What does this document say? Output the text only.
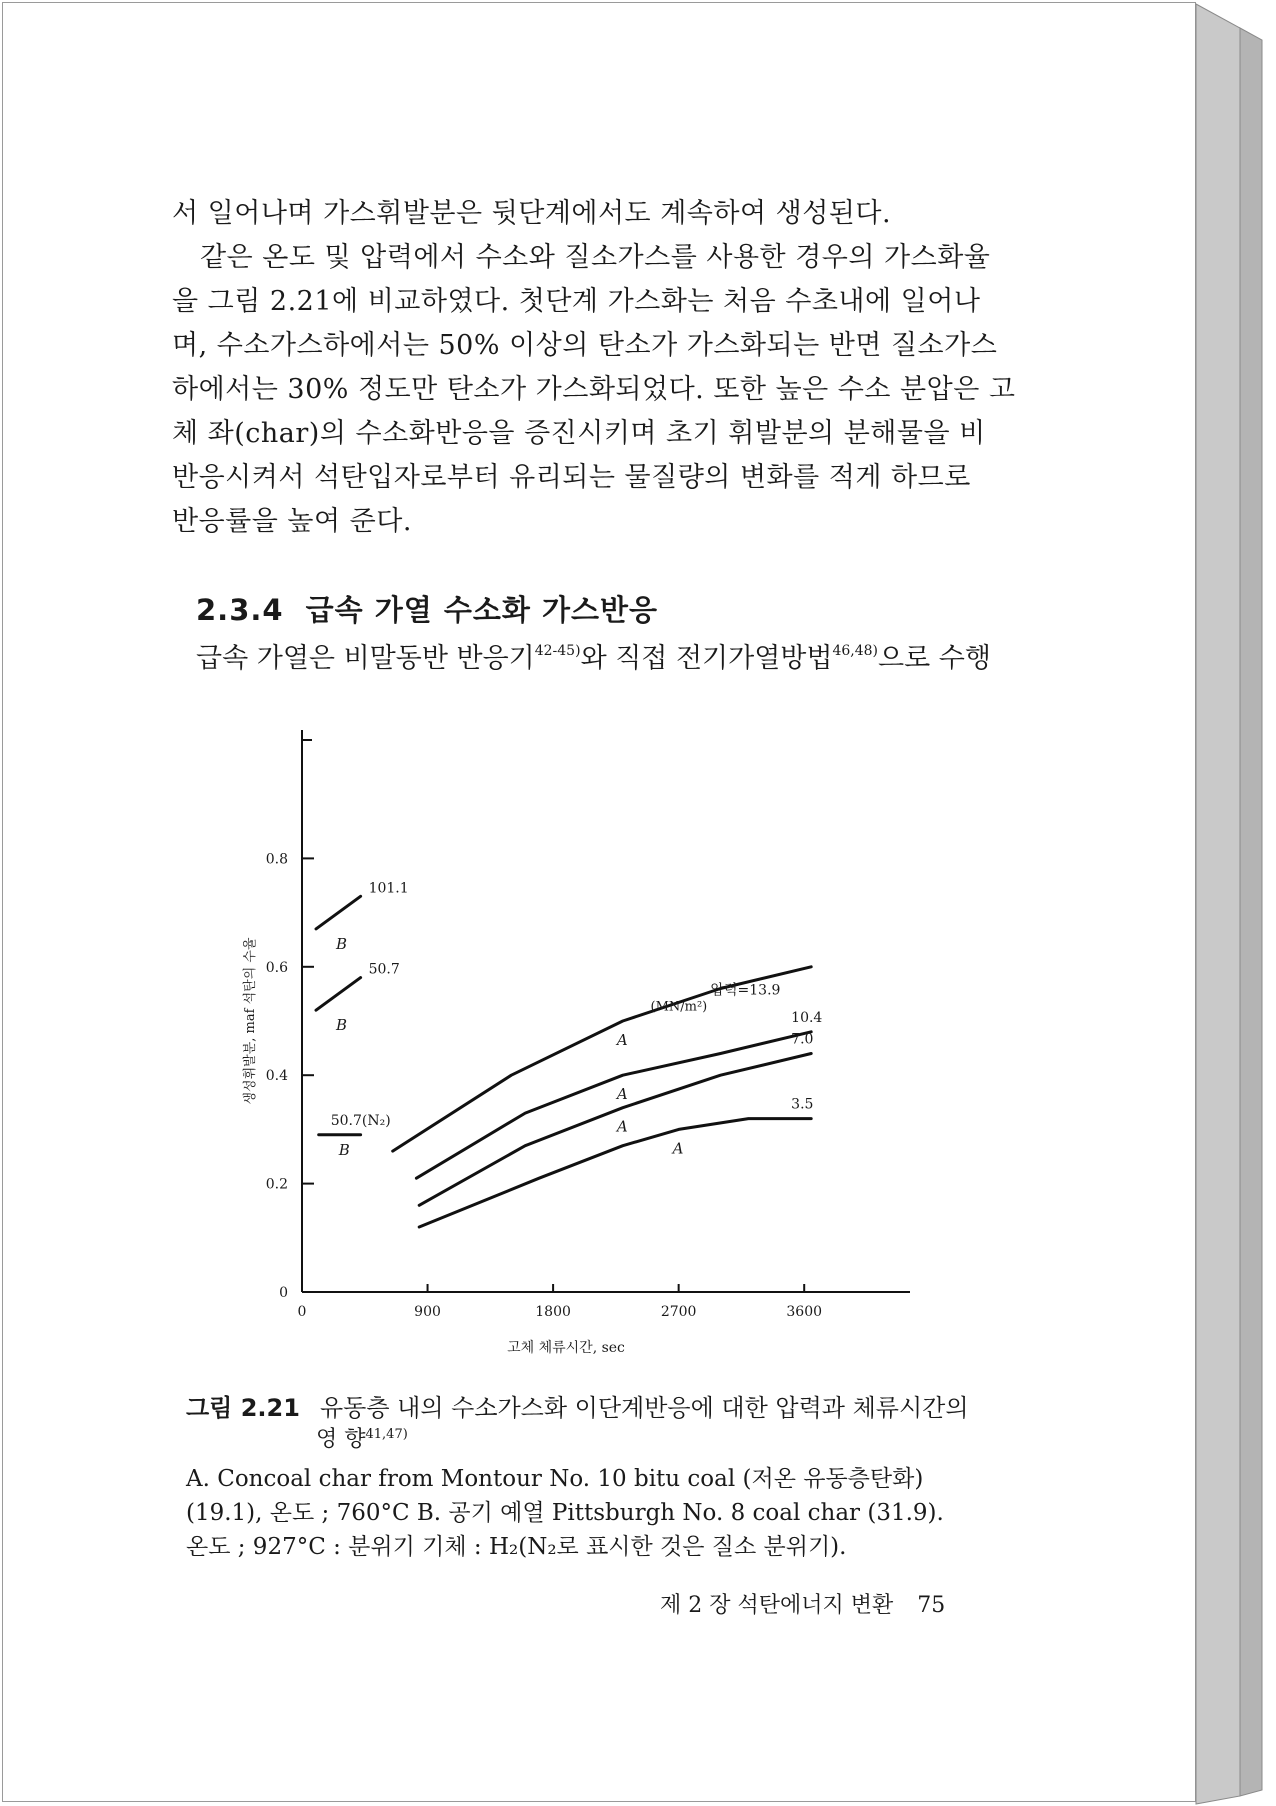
서 일어나며 가스휘발분은 뒷단계에서도 계속하여 생성된다.

같은 온도 및 압력에서 수소와 질소가스를 사용한 경우의 가스화율

을 그림 2.21에 비교하였다. 첫단계 가스화는 처음 수초내에 일어나

며, 수소가스하에서는 50% 이상의 탄소가 가스화되는 반면 질소가스

하에서는 30% 정도만 탄소가 가스화되었다. 또한 높은 수소 분압은 고

체 좌(char)의 수소화반응을 증진시키며 초기 휘발분의 분해물을 비

반응시켜서 석탄입자로부터 유리되는 물질량의 변화를 적게 하므로

반응률을 높여 준다.

2.3.4 급속 가열 수소화 가스반응
급속 가열은 비말동반 반응기$^{42-45)}$와 직접 전기가열방법$^{46,48)}$으로 수행
0
0.2
0.4
0.6
0.8
0	900	1800	2700	3600
고체 체류시간, sec
생성휘발분, maf 석탄의 수율
101.1
B
50.7
B
50.7(N₂)
B
A
10.4
A
7.0
A
3.5
A
압력=13.9
(MN/m²)
그림 2.21 유동층 내의 수소가스화 이단계반응에 대한 압력과 체류시간의
영 향$^{41,47)}$

A. Concoal char from Montour No. 10 bitu coal (저온 유동층탄화)

(19.1), 온도 ; 760°C B. 공기 예열 Pittsburgh No. 8 coal char (31.9).

온도 ; 927°C : 분위기 기체 : H₂(N₂로 표시한 것은 질소 분위기).

제 2 장 석탄에너지 변환 75
